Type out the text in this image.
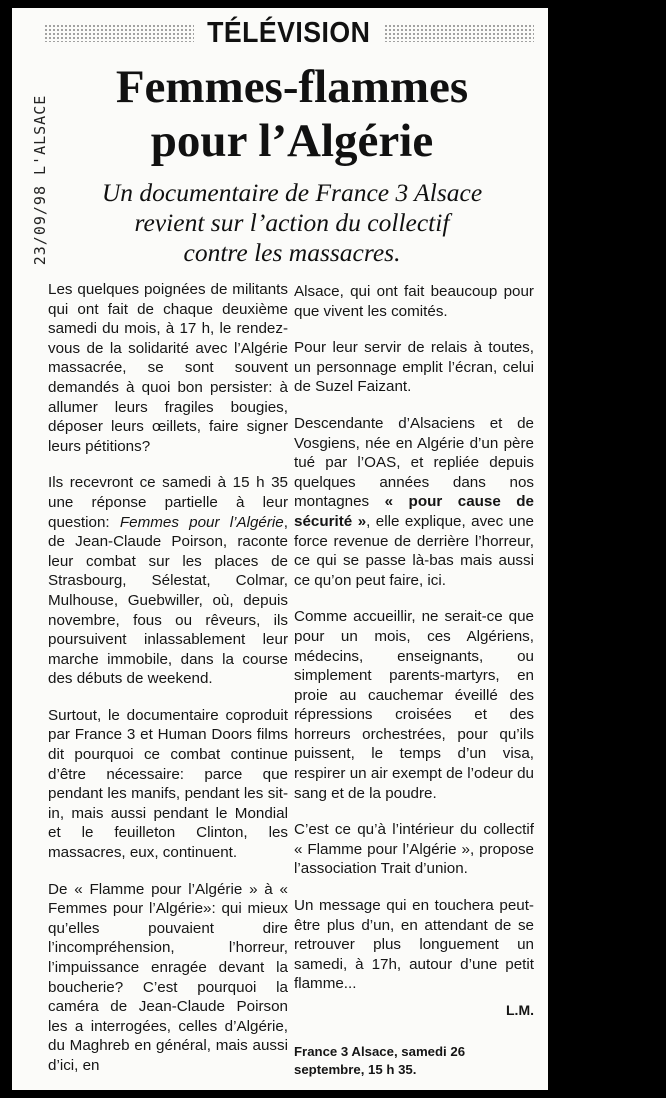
TÉLÉVISION
23/09/98 L'ALSACE
Femmes-flammes
pour l’Algérie
Un documentaire de France 3 Alsace
revient sur l’action du collectif
contre les massacres.

Les quelques poignées de militants qui ont fait de chaque deuxième samedi du mois, à 17 h, le rendez-vous de la solidarité avec l’Algérie massacrée, se sont souvent demandés à quoi bon persister: à allumer leurs fragiles bougies, déposer leurs œillets, faire signer leurs pétitions?

Ils recevront ce samedi à 15 h 35 une réponse partielle à leur question: Femmes pour l’Algérie, de Jean-Claude Poirson, raconte leur combat sur les places de Strasbourg, Sélestat, Colmar, Mulhouse, Guebwiller, où, depuis novembre, fous ou rêveurs, ils poursuivent inlassablement leur marche immobile, dans la course des débuts de weekend.

Surtout, le documentaire coproduit par France 3 et Human Doors films dit pourquoi ce combat continue d’être nécessaire: parce que pendant les manifs, pendant les sit-in, mais aussi pendant le Mondial et le feuilleton Clinton, les massacres, eux, continuent.

De « Flamme pour l’Algérie » à « Femmes pour l’Algérie»: qui mieux qu’elles pouvaient dire l’incompréhension, l’horreur, l’impuissance enragée devant la boucherie? C’est pourquoi la caméra de Jean-Claude Poirson les a interrogées, celles d’Algérie, du Maghreb en général, mais aussi d’ici, en

Alsace, qui ont fait beaucoup pour que vivent les comités.

Pour leur servir de relais à toutes, un personnage emplit l’écran, celui de Suzel Faizant.

Descendante d’Alsaciens et de Vosgiens, née en Algérie d’un père tué par l’OAS, et repliée depuis quelques années dans nos montagnes « pour cause de sécurité », elle explique, avec une force revenue de derrière l’horreur, ce qui se passe là-bas mais aussi ce qu’on peut faire, ici.

Comme accueillir, ne serait-ce que pour un mois, ces Algériens, médecins, enseignants, ou simplement parents-martyrs, en proie au cauchemar éveillé des répressions croisées et des horreurs orchestrées, pour qu’ils puissent, le temps d’un visa, respirer un air exempt de l’odeur du sang et de la poudre.

C’est ce qu’à l’intérieur du collectif « Flamme pour l’Algérie », propose l’association Trait d’union.

Un message qui en touchera peut-être plus d’un, en attendant de se retrouver plus longuement un samedi, à 17h, autour d’une petit flamme...

L.M.
France 3 Alsace, samedi 26 septembre, 15 h 35.
